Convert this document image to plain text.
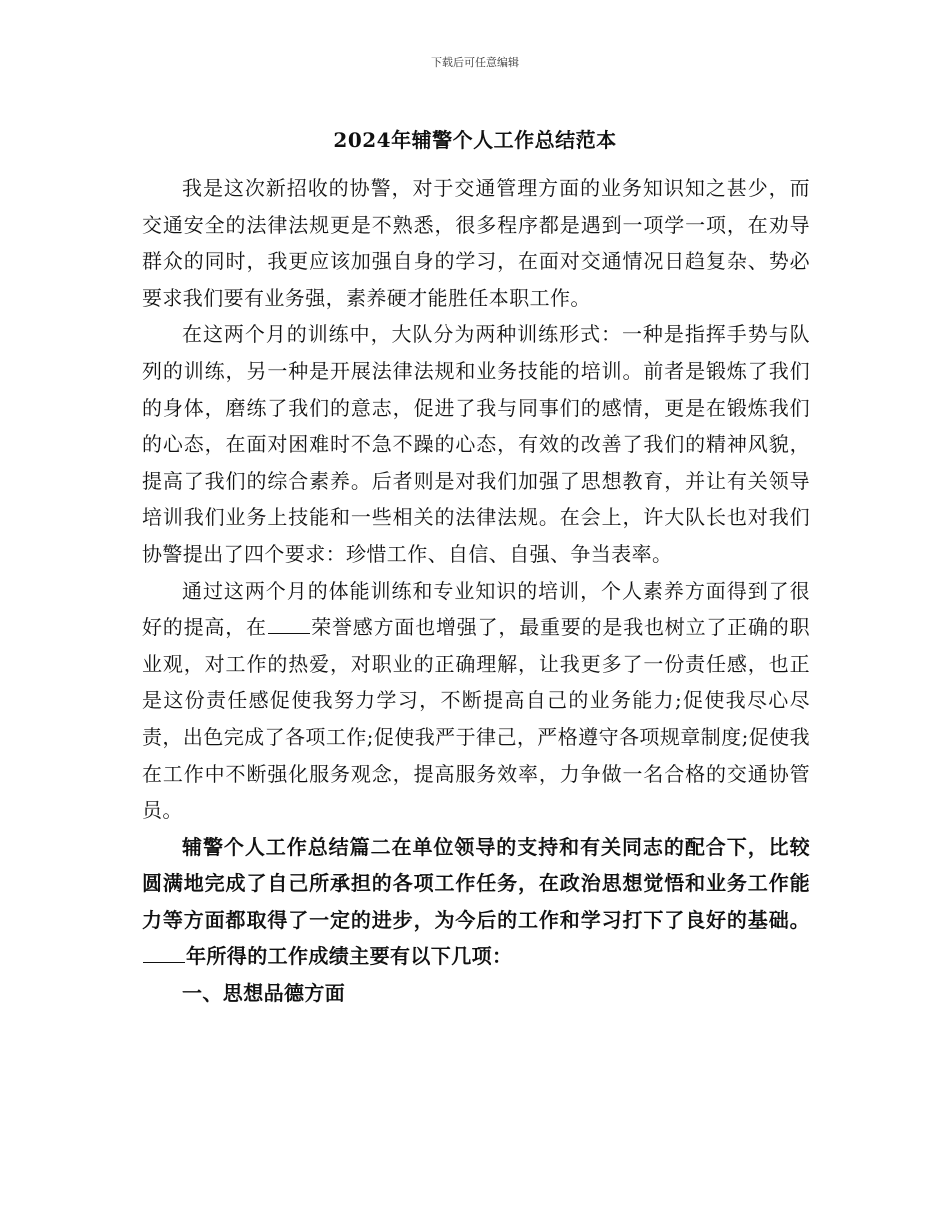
下载后可任意编辑
2024年辅警个人工作总结范本

我是这次新招收的协警，对于交通管理方面的业务知识知之甚少，而交通安全的法律法规更是不熟悉，很多程序都是遇到一项学一项，在劝导群众的同时，我更应该加强自身的学习，在面对交通情况日趋复杂、势必要求我们要有业务强，素养硬才能胜任本职工作。

在这两个月的训练中，大队分为两种训练形式：一种是指挥手势与队列的训练，另一种是开展法律法规和业务技能的培训。前者是锻炼了我们的身体，磨练了我们的意志，促进了我与同事们的感情，更是在锻炼我们的心态，在面对困难时不急不躁的心态，有效的改善了我们的精神风貌，提高了我们的综合素养。后者则是对我们加强了思想教育，并让有关领导培训我们业务上技能和一些相关的法律法规。在会上，许大队长也对我们协警提出了四个要求：珍惜工作、自信、自强、争当表率。

通过这两个月的体能训练和专业知识的培训，个人素养方面得到了很好的提高，在 荣誉感方面也增强了，最重要的是我也树立了正确的职业观，对工作的热爱，对职业的正确理解，让我更多了一份责任感，也正是这份责任感促使我努力学习，不断提高自己的业务能力;促使我尽心尽责，出色完成了各项工作;促使我严于律己，严格遵守各项规章制度;促使我在工作中不断强化服务观念，提高服务效率，力争做一名合格的交通协管员。

辅警个人工作总结篇二在单位领导的支持和有关同志的配合下，比较圆满地完成了自己所承担的各项工作任务，在政治思想觉悟和业务工作能力等方面都取得了一定的进步，为今后的工作和学习打下了良好的基础。年所得的工作成绩主要有以下几项：

一、思想品德方面
